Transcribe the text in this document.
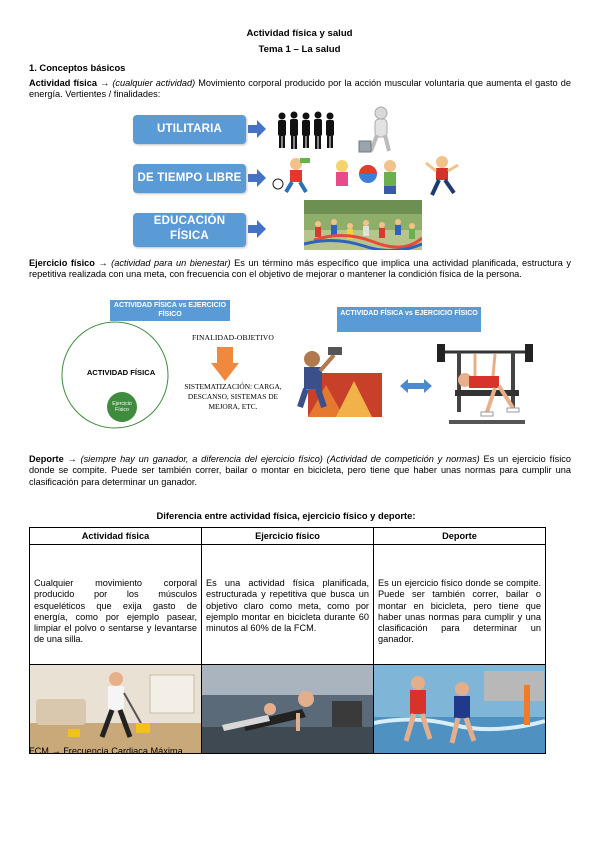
Actividad física y salud
Tema 1 – La salud
1. Conceptos básicos
Actividad física → (cualquier actividad) Movimiento corporal producido por la acción muscular voluntaria que aumenta el gasto de energía. Vertientes / finalidades:
UTILITARIA
DE TIEMPO LIBRE
EDUCACIÓN FÍSICA
Ejercicio físico → (actividad para un bienestar) Es un término más específico que implica una actividad planificada, estructura y repetitiva realizada con una meta, con frecuencia con el objetivo de mejorar o mantener la condición física de la persona.
ACTIVIDAD FÍSICA vs EJERCICIO FÍSICO	ACTIVIDAD FÍSICA vs EJERCICIO FÍSICO
ACTIVIDAD FÍSICA
Ejercicio Físico
FINALIDAD-OBJETIVO
SISTEMATIZACIÓN: CARGA, DESCANSO, SISTEMAS DE MEJORA, ETC.
Deporte → (siempre hay un ganador, a diferencia del ejercicio físico) (Actividad de competición y normas) Es un ejercicio físico donde se compite. Puede ser también correr, bailar o montar en bicicleta, pero tiene que haber unas normas para cumplir una clasificación para determinar un ganador.
Diferencia entre actividad física, ejercicio físico y deporte:
Actividad física	Ejercicio físico	Deporte
Cualquier movimiento corporal producido por los músculos esqueléticos que exija gasto de energía, como por ejemplo pasear, limpiar el polvo o sentarse y levantarse de una silla.	Es una actividad física planificada, estructurada y repetitiva que busca un objetivo claro como meta, como por ejemplo montar en bicicleta durante 60 minutos al 60% de la FCM.	Es un ejercicio físico donde se compite. Puede ser también correr, bailar o montar en bicicleta, pero tiene que haber unas normas para cumplir y una clasificación para determinar un ganador.

FCM → Frecuencia Cardiaca Máxima
